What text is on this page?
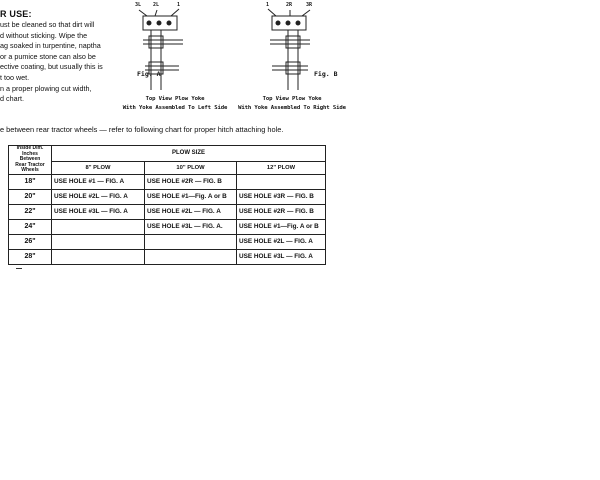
R USE:

ust be cleaned so that dirt will

d without sticking. Wipe the

ag soaked in turpentine, naptha

or a pumice stone can also be

ective coating, but usually this is

t too wet.

n a proper plowing cut width,

d chart.

3L 2L	1
Fig. A
Top View Plow Yoke
With Yoke Assembled To Left Side
1	2R	3R
Fig. B
Top View Plow Yoke
With Yoke Assembled To Right Side
e between rear tractor wheels — refer to following chart for proper hitch attaching hole.
Inside Dim.
Inches
Between
Rear Tractor
Wheels	PLOW SIZE		
	8" PLOW	10" PLOW	12" PLOW
18"	USE HOLE #1 — FIG. A	USE HOLE #2R — FIG. B	
20"	USE HOLE #2L — FIG. A	USE HOLE #1—Fig. A or B	USE HOLE #3R — FIG. B
22"	USE HOLE #3L — FIG. A	USE HOLE #2L — FIG. A	USE HOLE #2R — FIG. B
24"		USE HOLE #3L — FIG. A.	USE HOLE #1—Fig. A or B
26"			USE HOLE #2L — FIG. A
28"			USE HOLE #3L — FIG. A
